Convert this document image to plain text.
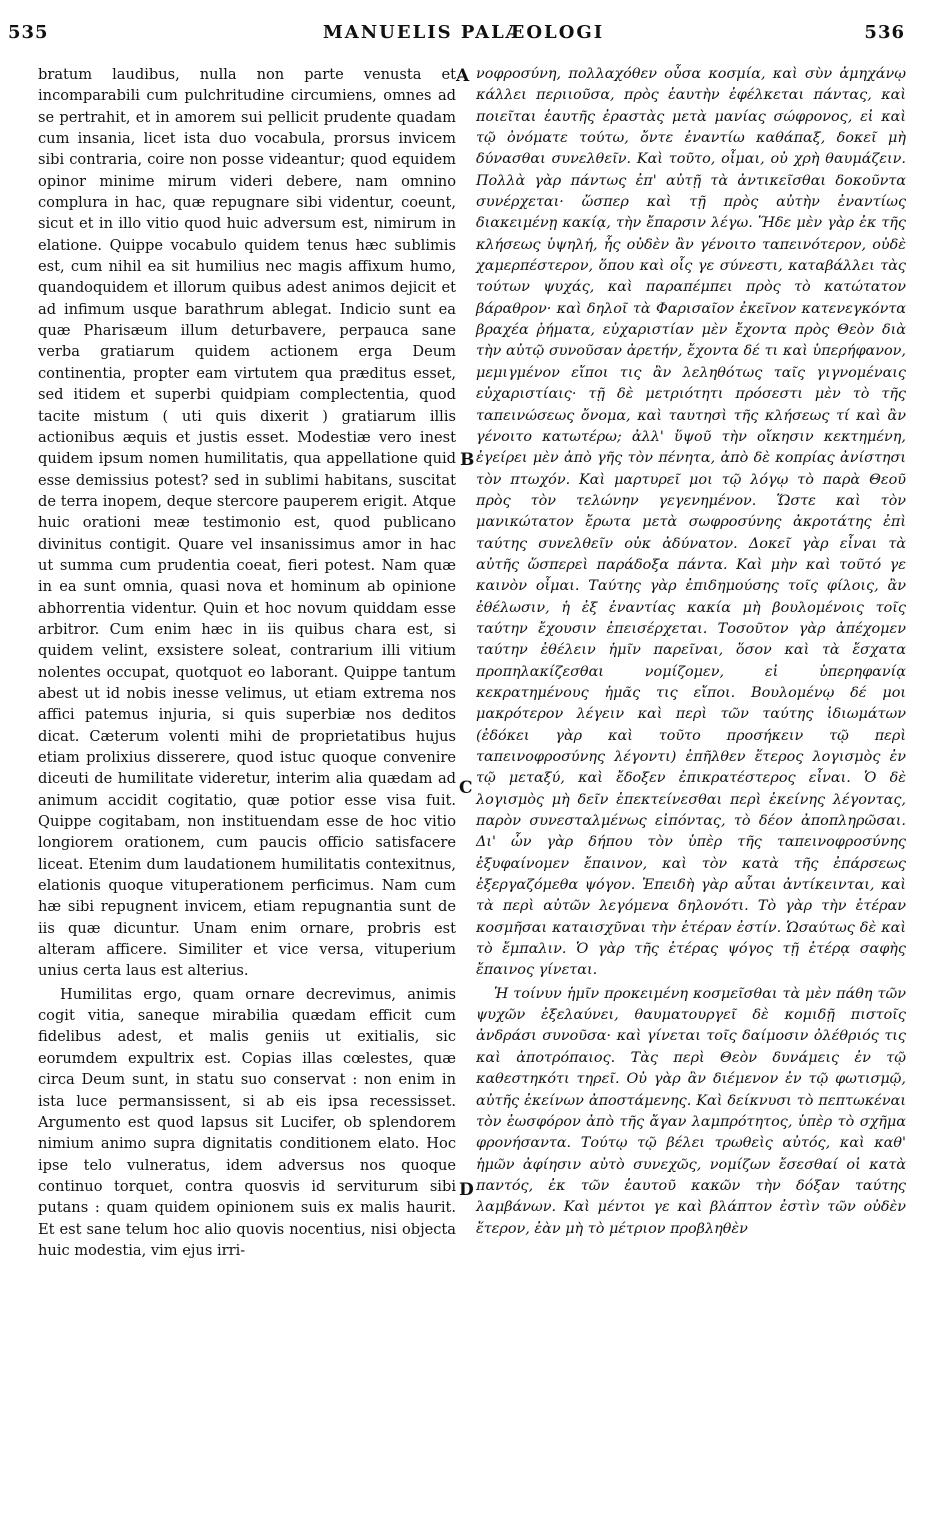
535	MANUELIS PALÆOLOGI	536

bratum laudibus, nulla non parte venusta et incomparabili cum pulchritudine circumiens, omnes ad se pertrahit, et in amorem sui pellicit prudente quadam cum insania, licet ista duo vocabula, prorsus invicem sibi contraria, coire non posse videantur; quod equidem opinor minime mirum videri debere, nam omnino complura in hac, quæ repugnare sibi videntur, coeunt, sicut et in illo vitio quod huic adversum est, nimirum in elatione. Quippe vocabulo quidem tenus hæc sublimis est, cum nihil ea sit humilius nec magis affixum humo, quandoquidem et illorum quibus adest animos dejicit et ad infimum usque barathrum ablegat. Indicio sunt ea quæ Pharisæum illum deturbavere, perpauca sane verba gratiarum quidem actionem erga Deum continentia, propter eam virtutem qua præditus esset, sed itidem et superbi quidpiam complectentia, quod tacite mistum ( uti quis dixerit ) gratiarum illis actionibus æquis et justis esset. Modestiæ vero inest quidem ipsum nomen humilitatis, qua appellatione quid esse demissius potest? sed in sublimi habitans, suscitat de terra inopem, deque stercore pauperem erigit. Atque huic orationi meæ testimonio est, quod publicano divinitus contigit. Quare vel insanissimus amor in hac ut summa cum prudentia coeat, fieri potest. Nam quæ in ea sunt omnia, quasi nova et hominum ab opinione abhorrentia videntur. Quin et hoc novum quiddam esse arbitror. Cum enim hæc in iis quibus chara est, si quidem velint, exsistere soleat, contrarium illi vitium nolentes occupat, quotquot eo laborant. Quippe tantum abest ut id nobis inesse velimus, ut etiam extrema nos affici patemus injuria, si quis superbiæ nos deditos dicat. Cæterum volenti mihi de proprietatibus hujus etiam prolixius disserere, quod istuc quoque convenire diceuti de humilitate videretur, interim alia quædam ad animum accidit cogitatio, quæ potior esse visa fuit. Quippe cogitabam, non instituendam esse de hoc vitio longiorem orationem, cum paucis officio satisfacere liceat. Etenim dum laudationem humilitatis contexitnus, elationis quoque vituperationem perficimus. Nam cum hæ sibi repugnent invicem, etiam repugnantia sunt de iis quæ dicuntur. Unam enim ornare, probris est alteram afficere. Similiter et vice versa, vituperium unius certa laus est alterius.

Humilitas ergo, quam ornare decrevimus, animis cogit vitia, saneque mirabilia quædam efficit cum fidelibus adest, et malis geniis ut exitialis, sic eorumdem expultrix est. Copias illas cœlestes, quæ circa Deum sunt, in statu suo conservat : non enim in ista luce permansissent, si ab eis ipsa recessisset. Argumento est quod lapsus sit Lucifer, ob splendorem nimium animo supra dignitatis conditionem elato. Hoc ipse telo vulneratus, idem adversus nos quoque continuo torquet, contra quosvis id serviturum sibi putans : quam quidem opinionem suis ex malis haurit. Et est sane telum hoc alio quovis nocentius, nisi objecta huic modestia, vim ejus irri-

A
B
C
D

νοφροσύνη, πολλαχόθεν οὖσα κοσμία, καὶ σὺν ἀμηχάνῳ κάλλει περιιοῦσα, πρὸς ἑαυτὴν ἐφέλκεται πάντας, καὶ ποιεῖται ἑαυτῆς ἐραστὰς μετὰ μανίας σώφρονος, εἰ καὶ τῷ ὀνόματε τούτω, ὄντε ἐναντίω καθάπαξ, δοκεῖ μὴ δύνασθαι συνελθεῖν. Καὶ τοῦτο, οἶμαι, οὐ χρὴ θαυμάζειν. Πολλὰ γὰρ πάντως ἐπ' αὐτῇ τὰ ἀντικεῖσθαι δοκοῦντα συνέρχεται· ὥσπερ καὶ τῇ πρὸς αὐτὴν ἐναντίως διακειμένῃ κακίᾳ, τὴν ἔπαρσιν λέγω. Ἥδε μὲν γὰρ ἐκ τῆς κλήσεως ὑψηλή, ἧς οὐδὲν ἂν γένοιτο ταπεινότερον, οὐδὲ χαμερπέστερον, ὅπου καὶ οἷς γε σύνεστι, καταβάλλει τὰς τούτων ψυχάς, καὶ παραπέμπει πρὸς τὸ κατώτατον βάραθρον· καὶ δηλοῖ τὰ Φαρισαῖον ἐκεῖνον κατενεγκόντα βραχέα ῥήματα, εὐχαριστίαν μὲν ἔχοντα πρὸς Θεὸν διὰ τὴν αὐτῷ συνοῦσαν ἀρετήν, ἔχοντα δέ τι καὶ ὑπερήφανον, μεμιγμένον εἴποι τις ἂν λεληθότως ταῖς γιγνομέναις εὐχαριστίαις· τῇ δὲ μετριότητι πρόσεστι μὲν τὸ τῆς ταπεινώσεως ὄνομα, καὶ ταυτησὶ τῆς κλήσεως τί καὶ ἂν γένοιτο κατωτέρω; ἀλλ' ὕψοῦ τὴν οἴκησιν κεκτημένη, ἐγείρει μὲν ἀπὸ γῆς τὸν πένητα, ἀπὸ δὲ κοπρίας ἀνίστησι τὸν πτωχόν. Καὶ μαρτυρεῖ μοι τῷ λόγῳ τὸ παρὰ Θεοῦ πρὸς τὸν τελώνην γεγενημένον. Ὥστε καὶ τὸν μανικώτατον ἔρωτα μετὰ σωφροσύνης ἀκροτάτης ἐπὶ ταύτης συνελθεῖν οὐκ ἀδύνατον. Δοκεῖ γὰρ εἶναι τὰ αὐτῆς ὥσπερεὶ παράδοξα πάντα. Καὶ μὴν καὶ τοῦτό γε καινὸν οἶμαι. Ταύτης γὰρ ἐπιδημούσης τοῖς φίλοις, ἂν ἐθέλωσιν, ἡ ἐξ ἐναντίας κακία μὴ βουλομένοις τοῖς ταύτην ἔχουσιν ἐπεισέρχεται. Τοσοῦτον γὰρ ἀπέχομεν ταύτην ἐθέλειν ἡμῖν παρεῖναι, ὅσον καὶ τὰ ἔσχατα προπηλακίζεσθαι νομίζομεν, εἰ ὑπερηφανίᾳ κεκρατημένους ἡμᾶς τις εἴποι. Βουλομένῳ δέ μοι μακρότερον λέγειν καὶ περὶ τῶν ταύτης ἰδιωμάτων (ἐδόκει γὰρ καὶ τοῦτο προσήκειν τῷ περὶ ταπεινοφροσύνης λέγοντι) ἐπῆλθεν ἕτερος λογισμὸς ἐν τῷ μεταξύ, καὶ ἔδοξεν ἐπικρατέστερος εἶναι. Ὁ δὲ λογισμὸς μὴ δεῖν ἐπεκτείνεσθαι περὶ ἐκείνης λέγοντας, παρὸν συνεσταλμένως εἰπόντας, τὸ δέον ἀποπληρῶσαι. Δι' ὧν γὰρ δήπου τὸν ὑπὲρ τῆς ταπεινοφροσύνης ἐξυφαίνομεν ἔπαινον, καὶ τὸν κατὰ τῆς ἐπάρσεως ἐξεργαζόμεθα ψόγον. Ἐπειδὴ γὰρ αὗται ἀντίκεινται, καὶ τὰ περὶ αὐτῶν λεγόμενα δηλονότι. Τὸ γὰρ τὴν ἑτέραν κοσμῆσαι καταισχῦναι τὴν ἑτέραν ἐστίν. Ὡσαύτως δὲ καὶ τὸ ἔμπαλιν. Ὁ γὰρ τῆς ἑτέρας ψόγος τῇ ἑτέρᾳ σαφὴς ἔπαινος γίνεται.

Ἡ τοίνυν ἡμῖν προκειμένη κοσμεῖσθαι τὰ μὲν πάθη τῶν ψυχῶν ἐξελαύνει, θαυματουργεῖ δὲ κομιδῇ πιστοῖς ἀνδράσι συνοῦσα· καὶ γίνεται τοῖς δαίμοσιν ὀλέθριός τις καὶ ἀποτρόπαιος. Τὰς περὶ Θεὸν δυνάμεις ἐν τῷ καθεστηκότι τηρεῖ. Οὐ γὰρ ἂν διέμενον ἐν τῷ φωτισμῷ, αὐτῆς ἐκείνων ἀποστάμενης. Καὶ δείκνυσι τὸ πεπτωκέναι τὸν ἑωσφόρον ἀπὸ τῆς ἄγαν λαμπρότητος, ὑπὲρ τὸ σχῆμα φρονήσαντα. Τούτῳ τῷ βέλει τρωθεὶς αὐτός, καὶ καθ' ἡμῶν ἀφίησιν αὐτὸ συνεχῶς, νομίζων ἔσεσθαί οἱ κατὰ παντός, ἐκ τῶν ἑαυτοῦ κακῶν τὴν δόξαν ταύτης λαμβάνων. Καὶ μέντοι γε καὶ βλάπτον ἐστὶν τῶν οὐδὲν ἕτερον, ἐὰν μὴ τὸ μέτριον προβληθὲν
